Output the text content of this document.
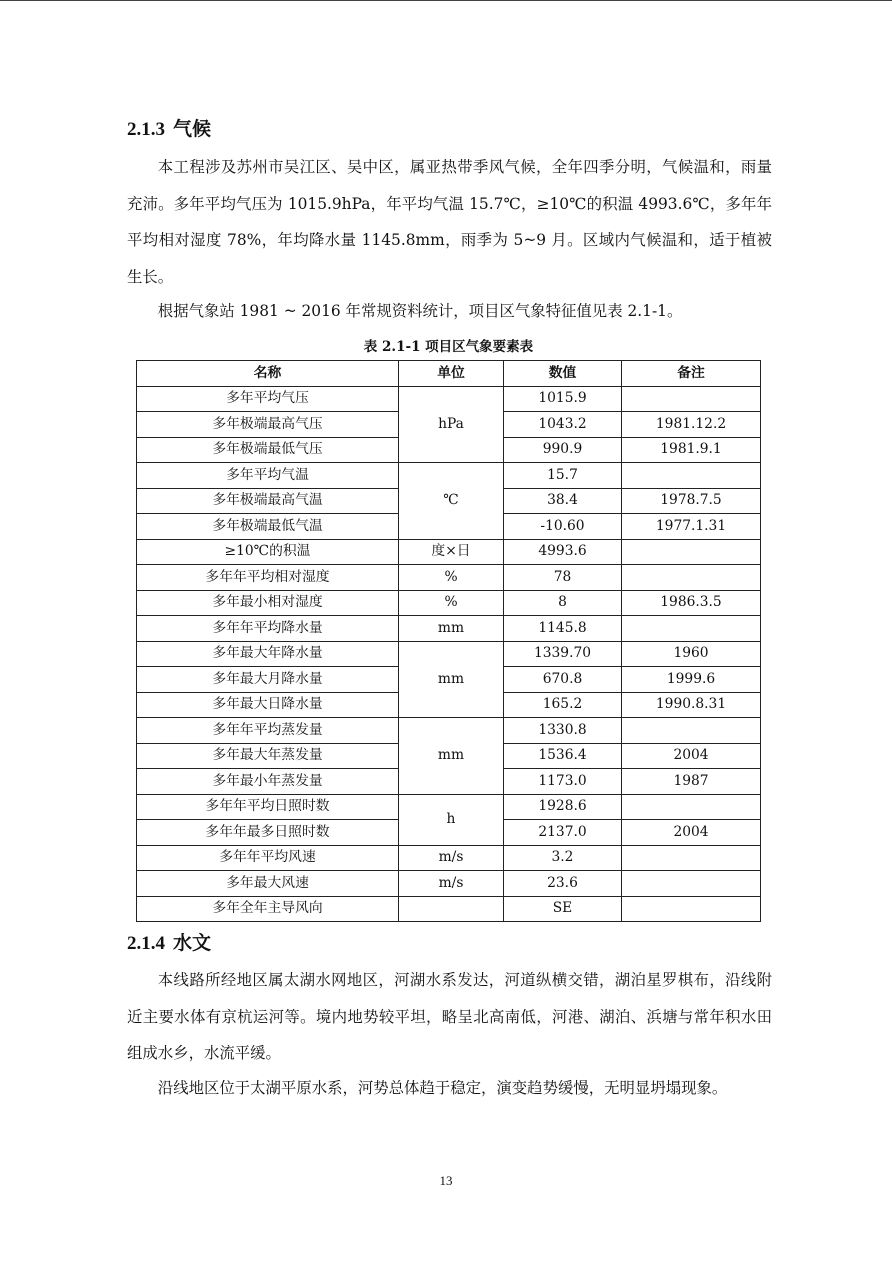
2.1.3 气候

本工程涉及苏州市吴江区、吴中区，属亚热带季风气候，全年四季分明，气候温和，雨量充沛。多年平均气压为 1015.9hPa，年平均气温 15.7℃，≥10℃的积温 4993.6℃，多年年平均相对湿度 78%，年均降水量 1145.8mm，雨季为 5~9 月。区域内气候温和，适于植被生长。

根据气象站 1981 ~ 2016 年常规资料统计，项目区气象特征值见表 2.1-1。

表 2.1-1 项目区气象要素表
名称	单位	数值	备注
多年平均气压	hPa	1015.9	
多年极端最高气压		1043.2	1981.12.2
多年极端最低气压		990.9	1981.9.1
多年平均气温	℃	15.7	
多年极端最高气温		38.4	1978.7.5
多年极端最低气温		-10.60	1977.1.31
≥10℃的积温	度×日	4993.6	
多年年平均相对湿度	%	78	
多年最小相对湿度	%	8	1986.3.5
多年年平均降水量	mm	1145.8	
多年最大年降水量	mm	1339.70	1960
多年最大月降水量		670.8	1999.6
多年最大日降水量		165.2	1990.8.31
多年年平均蒸发量	mm	1330.8	
多年最大年蒸发量		1536.4	2004
多年最小年蒸发量		1173.0	1987
多年年平均日照时数	h	1928.6	
多年年最多日照时数		2137.0	2004
多年年平均风速	m/s	3.2	
多年最大风速	m/s	23.6	
多年全年主导风向		SE	
2.1.4 水文

本线路所经地区属太湖水网地区，河湖水系发达，河道纵横交错，湖泊星罗棋布，沿线附近主要水体有京杭运河等。境内地势较平坦，略呈北高南低，河港、湖泊、浜塘与常年积水田组成水乡，水流平缓。

沿线地区位于太湖平原水系，河势总体趋于稳定，演变趋势缓慢，无明显坍塌现象。

13
